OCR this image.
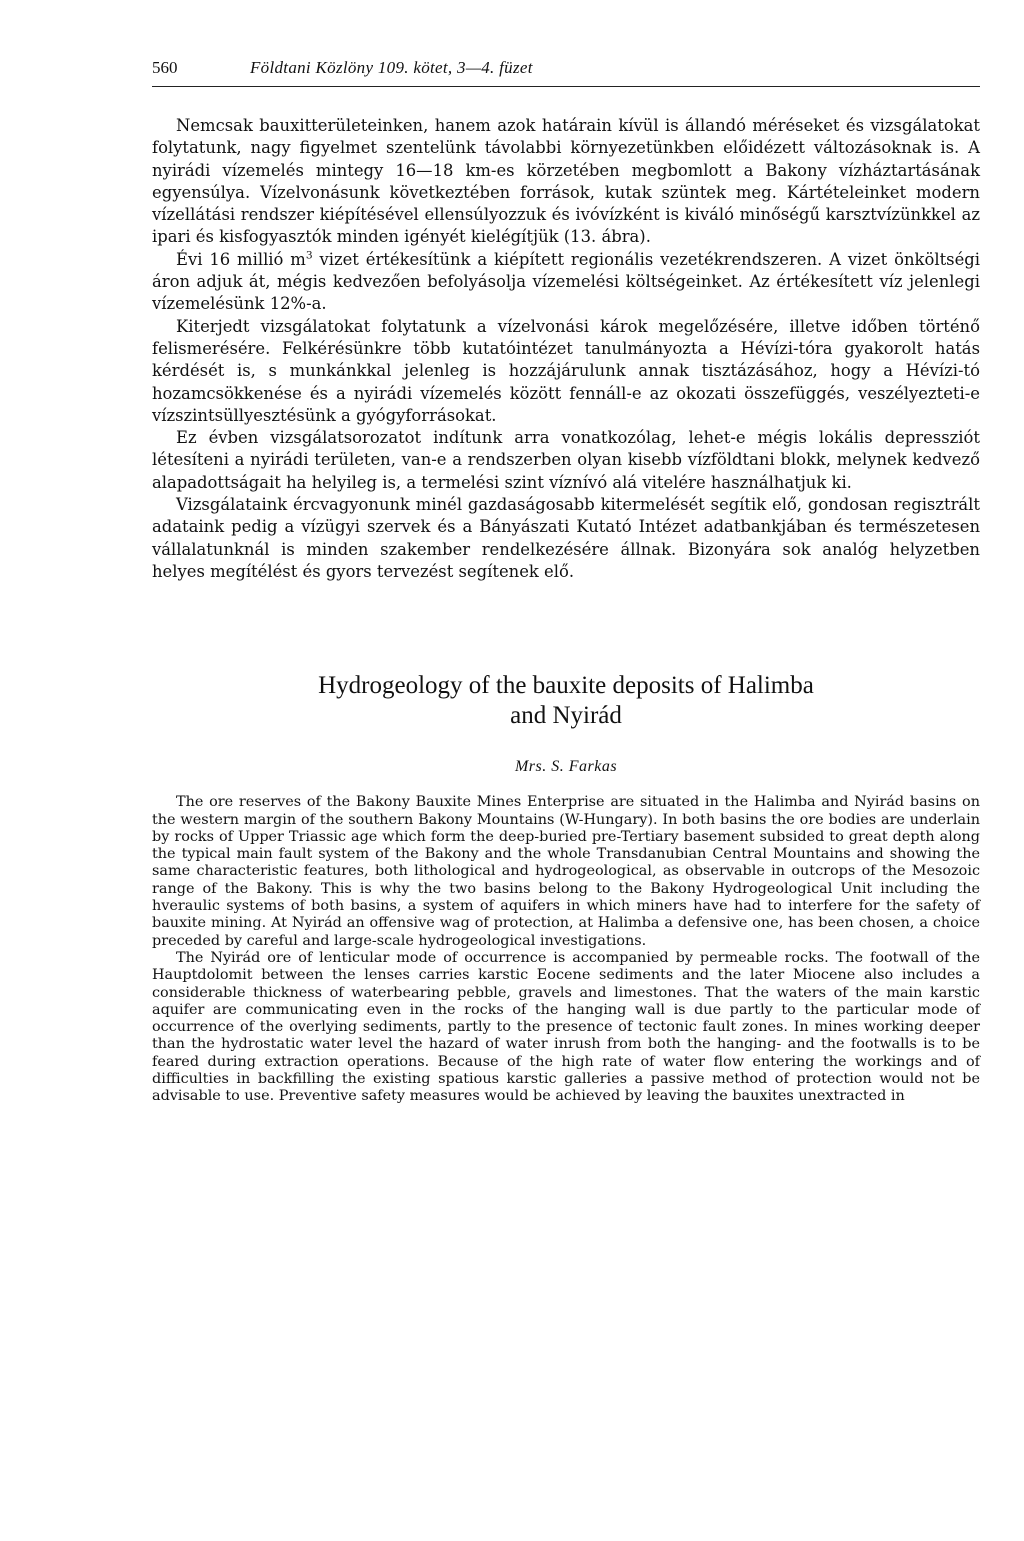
560	Földtani Közlöny 109. kötet, 3—4. füzet

Nemcsak bauxitterületeinken, hanem azok határain kívül is állandó méréseket és vizsgálatokat folytatunk, nagy figyelmet szentelünk távolabbi környezetünkben előidézett változásoknak is. A nyirádi vízemelés mintegy 16—18 km-es körzetében megbomlott a Bakony vízháztartásának egyensúlya. Vízelvonásunk következtében források, kutak szüntek meg. Kártételeinket modern vízellátási rendszer kiépítésével ellensúlyozzuk és ivóvízként is kiváló minőségű karsztvízünkkel az ipari és kisfogyasztók minden igényét kielégítjük (13. ábra).

Évi 16 millió $m^3$ vizet értékesítünk a kiépített regionális vezetékrendszeren. A vizet önköltségi áron adjuk át, mégis kedvezően befolyásolja vízemelési költségeinket. Az értékesített víz jelenlegi vízemelésünk 12%-a.

Kiterjedt vizsgálatokat folytatunk a vízelvonási károk megelőzésére, illetve időben történő felismerésére. Felkérésünkre több kutatóintézet tanulmányozta a Hévízi-tóra gyakorolt hatás kérdését is, s munkánkkal jelenleg is hozzájárulunk annak tisztázásához, hogy a Hévízi-tó hozamcsökkenése és a nyirádi vízemelés között fennáll-e az okozati összefüggés, veszélyezteti-e vízszintsüllyesztésünk a gyógyforrásokat.

Ez évben vizsgálatsorozatot indítunk arra vonatkozólag, lehet-e mégis lokális depressziót létesíteni a nyirádi területen, van-e a rendszerben olyan kisebb vízföldtani blokk, melynek kedvező alapadottságait ha helyileg is, a termelési szint víznívó alá vitelére használhatjuk ki.

Vizsgálataink ércvagyonunk minél gazdaságosabb kitermelését segítik elő, gondosan regisztrált adataink pedig a vízügyi szervek és a Bányászati Kutató Intézet adatbankjában és természetesen vállalatunknál is minden szakember rendelkezésére állnak. Bizonyára sok analóg helyzetben helyes megítélést és gyors tervezést segítenek elő.

Hydrogeology of the bauxite deposits of Halimba
and Nyirád
Mrs. S. Farkas

The ore reserves of the Bakony Bauxite Mines Enterprise are situated in the Halimba and Nyirád basins on the western margin of the southern Bakony Mountains (W-Hungary). In both basins the ore bodies are underlain by rocks of Upper Triassic age which form the deep-buried pre-Tertiary basement subsided to great depth along the typical main fault system of the Bakony and the whole Transdanubian Central Mountains and showing the same characteristic features, both lithological and hydrogeological, as observable in outcrops of the Mesozoic range of the Bakony. This is why the two basins belong to the Bakony Hydrogeological Unit including the hveraulic systems of both basins, a system of aquifers in which miners have had to interfere for the safety of bauxite mining. At Nyirád an offensive wag of protection, at Halimba a defensive one, has been chosen, a choice preceded by careful and large-scale hydrogeological investigations.

The Nyirád ore of lenticular mode of occurrence is accompanied by permeable rocks. The footwall of the Hauptdolomit between the lenses carries karstic Eocene sediments and the later Miocene also includes a considerable thickness of waterbearing pebble, gravels and limestones. That the waters of the main karstic aquifer are communicating even in the rocks of the hanging wall is due partly to the particular mode of occurrence of the overlying sediments, partly to the presence of tectonic fault zones. In mines working deeper than the hydrostatic water level the hazard of water inrush from both the hanging- and the footwalls is to be feared during extraction operations. Because of the high rate of water flow entering the workings and of difficulties in backfilling the existing spatious karstic galleries a passive method of protection would not be advisable to use. Preventive safety measures would be achieved by leaving the bauxites unextracted in
